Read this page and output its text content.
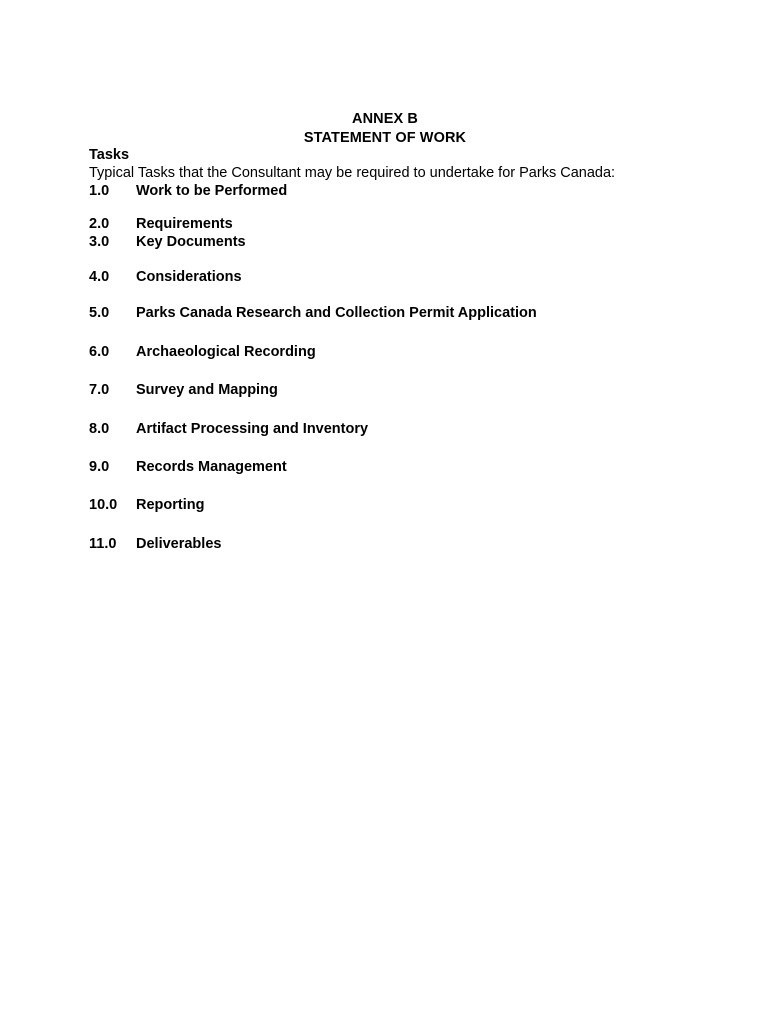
ANNEX B
STATEMENT OF WORK
Tasks
Typical Tasks that the Consultant may be required to undertake for Parks Canada:
1.0	Work to be Performed
2.0	Requirements
3.0	Key Documents
4.0	Considerations
5.0	Parks Canada Research and Collection Permit Application
6.0	Archaeological Recording
7.0	Survey and Mapping
8.0	Artifact Processing and Inventory
9.0	Records Management
10.0	Reporting
11.0	Deliverables
